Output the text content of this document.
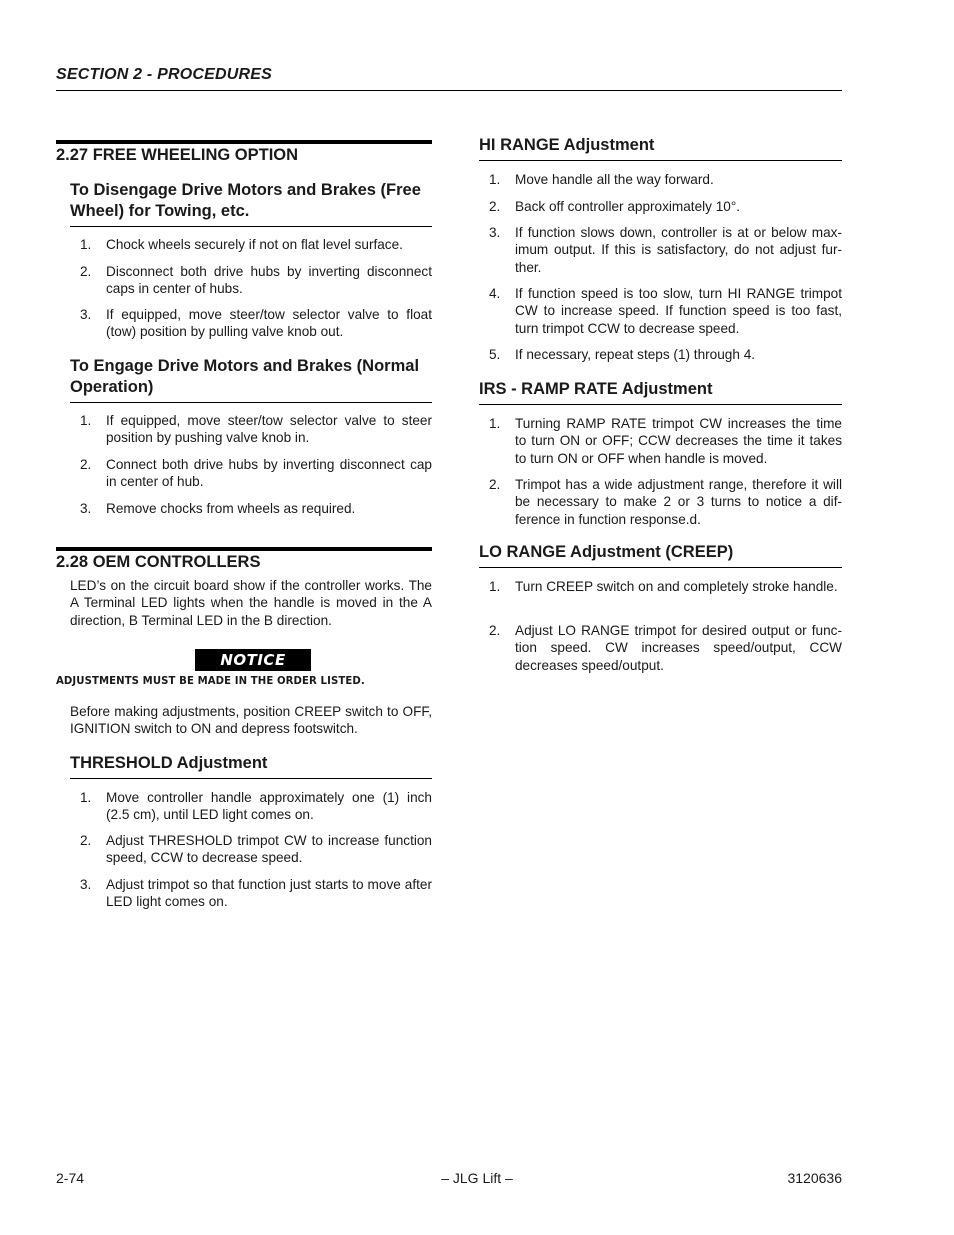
SECTION 2 - PROCEDURES
2.27 FREE WHEELING OPTION
To Disengage Drive Motors and Brakes (Free Wheel) for Towing, etc.
1. Chock wheels securely if not on flat level surface.
2. Disconnect both drive hubs by inverting disconnect caps in center of hubs.
3. If equipped, move steer/tow selector valve to float (tow) position by pulling valve knob out.
To Engage Drive Motors and Brakes (Normal Operation)
1. If equipped, move steer/tow selector valve to steer position by pushing valve knob in.
2. Connect both drive hubs by inverting disconnect cap in center of hub.
3. Remove chocks from wheels as required.
2.28 OEM CONTROLLERS
LED’s on the circuit board show if the controller works. The A Terminal LED lights when the handle is moved in the A direction, B Terminal LED in the B direction.
NOTICE
ADJUSTMENTS MUST BE MADE IN THE ORDER LISTED.
Before making adjustments, position CREEP switch to OFF, IGNITION switch to ON and depress footswitch.
THRESHOLD Adjustment
1. Move controller handle approximately one (1) inch (2.5 cm), until LED light comes on.
2. Adjust THRESHOLD trimpot CW to increase function speed, CCW to decrease speed.
3. Adjust trimpot so that function just starts to move after LED light comes on.
HI RANGE Adjustment
1. Move handle all the way forward.
2. Back off controller approximately 10°.
3. If function slows down, controller is at or below maximum output. If this is satisfactory, do not adjust further.
4. If function speed is too slow, turn HI RANGE trimpot CW to increase speed. If function speed is too fast, turn trimpot CCW to decrease speed.
5. If necessary, repeat steps (1) through 4.
IRS - RAMP RATE Adjustment
1. Turning RAMP RATE trimpot CW increases the time to turn ON or OFF; CCW decreases the time it takes to turn ON or OFF when handle is moved.
2. Trimpot has a wide adjustment range, therefore it will be necessary to make 2 or 3 turns to notice a difference in function response.d.
LO RANGE Adjustment (CREEP)
1. Turn CREEP switch on and completely stroke handle.
2. Adjust LO RANGE trimpot for desired output or function speed. CW increases speed/output, CCW decreases speed/output.
2-74	– JLG Lift –	3120636
